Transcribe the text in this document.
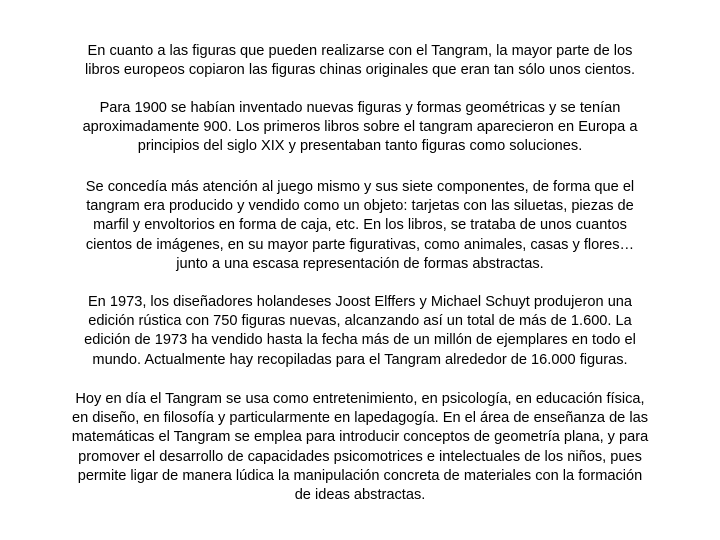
En cuanto a las figuras que pueden realizarse con el Tangram, la mayor parte de los
libros europeos copiaron las figuras chinas originales que eran tan sólo unos cientos.

Para 1900 se habían inventado nuevas figuras y formas geométricas y se tenían
aproximadamente 900. Los primeros libros sobre el tangram aparecieron en Europa a
principios del siglo XIX y presentaban tanto figuras como soluciones.

Se concedía más atención al juego mismo y sus siete componentes, de forma que el
tangram era producido y vendido como un objeto: tarjetas con las siluetas, piezas de
marfil y envoltorios en forma de caja, etc. En los libros, se trataba de unos cuantos
cientos de imágenes, en su mayor parte figurativas, como animales, casas y flores…
junto a una escasa representación de formas abstractas.

En 1973, los diseñadores holandeses Joost Elffers y Michael Schuyt produjeron una
edición rústica con 750 figuras nuevas, alcanzando así un total de más de 1.600. La
edición de 1973 ha vendido hasta la fecha más de un millón de ejemplares en todo el
mundo. Actualmente hay recopiladas para el Tangram alrededor de 16.000 figuras.

Hoy en día el Tangram se usa como entretenimiento, en psicología, en educación física,
en diseño, en filosofía y particularmente en lapedagogía. En el área de enseñanza de las
matemáticas el Tangram se emplea para introducir conceptos de geometría plana, y para
promover el desarrollo de capacidades psicomotrices e intelectuales de los niños, pues
permite ligar de manera lúdica la manipulación concreta de materiales con la formación
de ideas abstractas.
